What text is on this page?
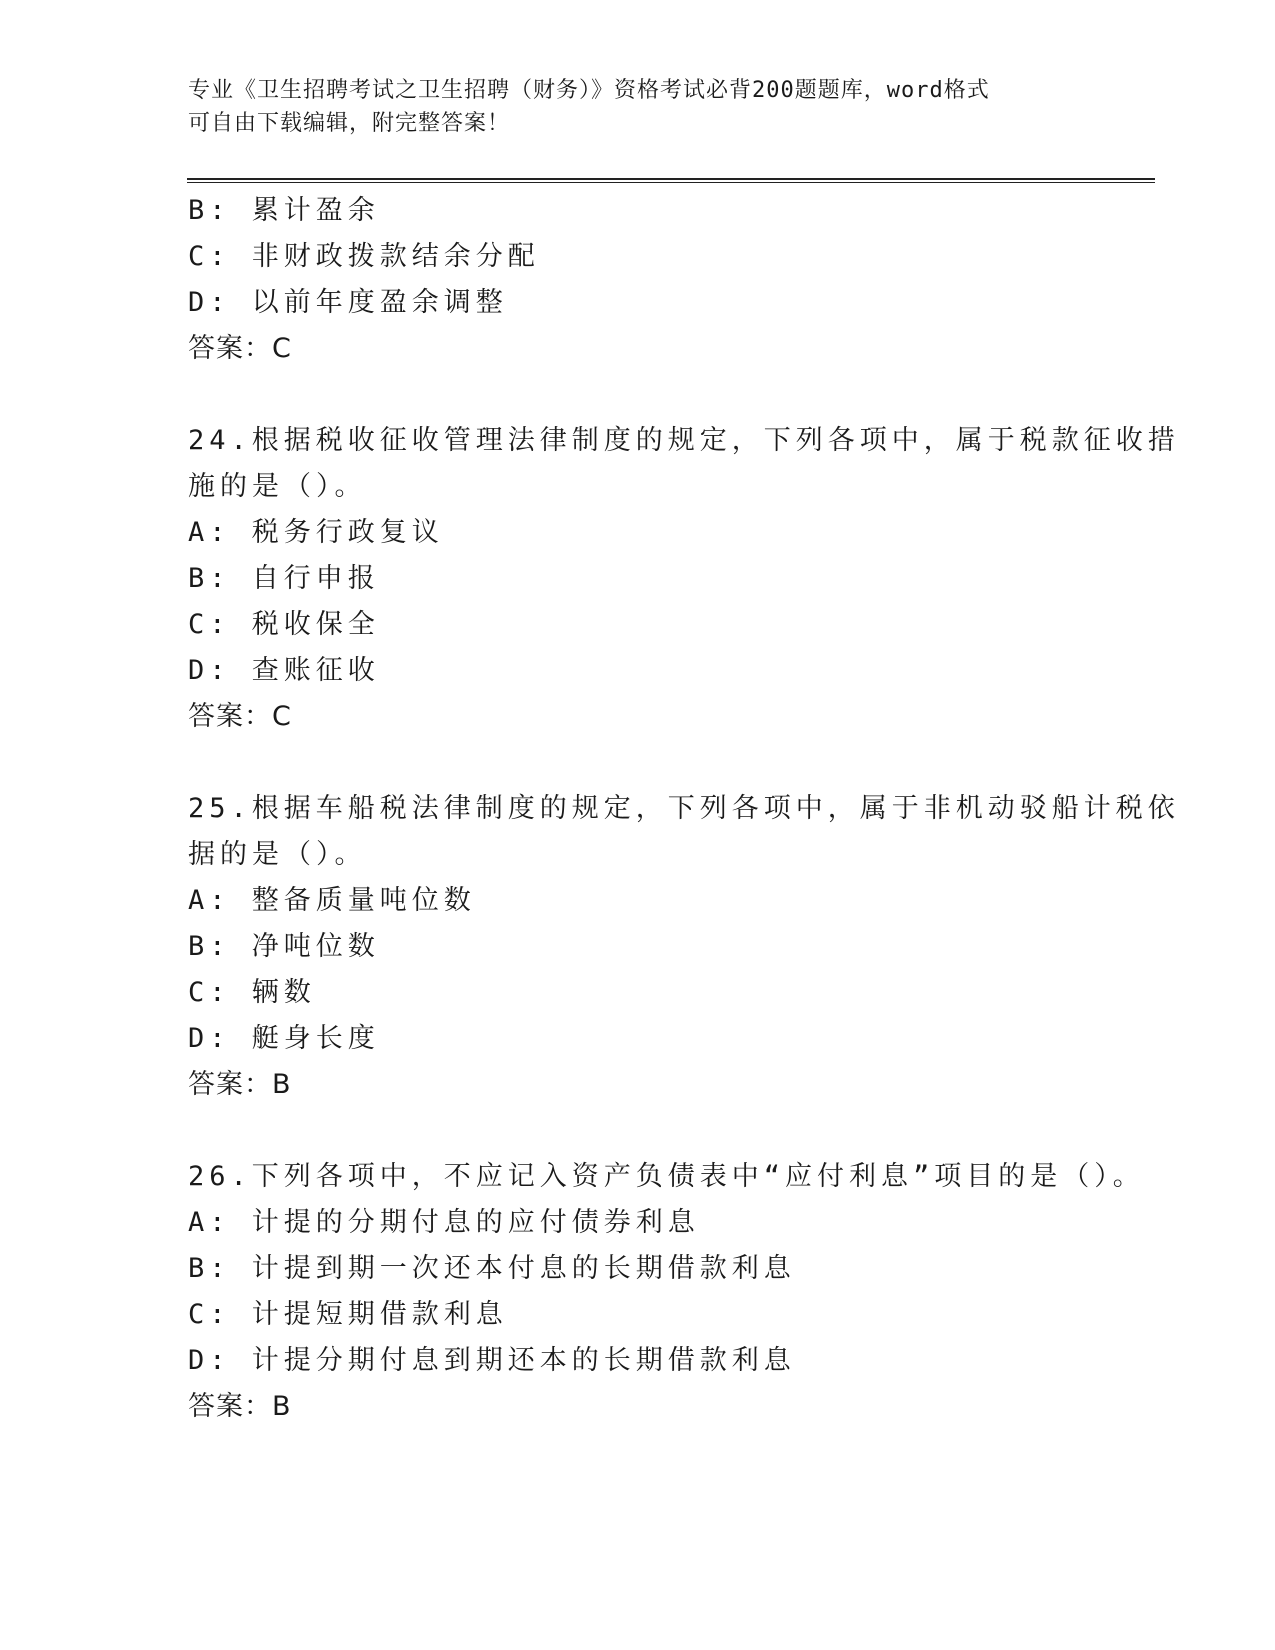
专业《卫生招聘考试之卫生招聘（财务）》资格考试必背200题题库，word格式
可自由下载编辑，附完整答案！
B: 累计盈余
C: 非财政拨款结余分配
D: 以前年度盈余调整
答案：C
24.根据税收征收管理法律制度的规定，下列各项中，属于税款征收措
施的是（）。
A: 税务行政复议
B: 自行申报
C: 税收保全
D: 查账征收
答案：C
25.根据车船税法律制度的规定，下列各项中，属于非机动驳船计税依
据的是（）。
A: 整备质量吨位数
B: 净吨位数
C: 辆数
D: 艇身长度
答案：B
26.下列各项中，不应记入资产负债表中“应付利息”项目的是（）。
A: 计提的分期付息的应付债券利息
B: 计提到期一次还本付息的长期借款利息
C: 计提短期借款利息
D: 计提分期付息到期还本的长期借款利息
答案：B
